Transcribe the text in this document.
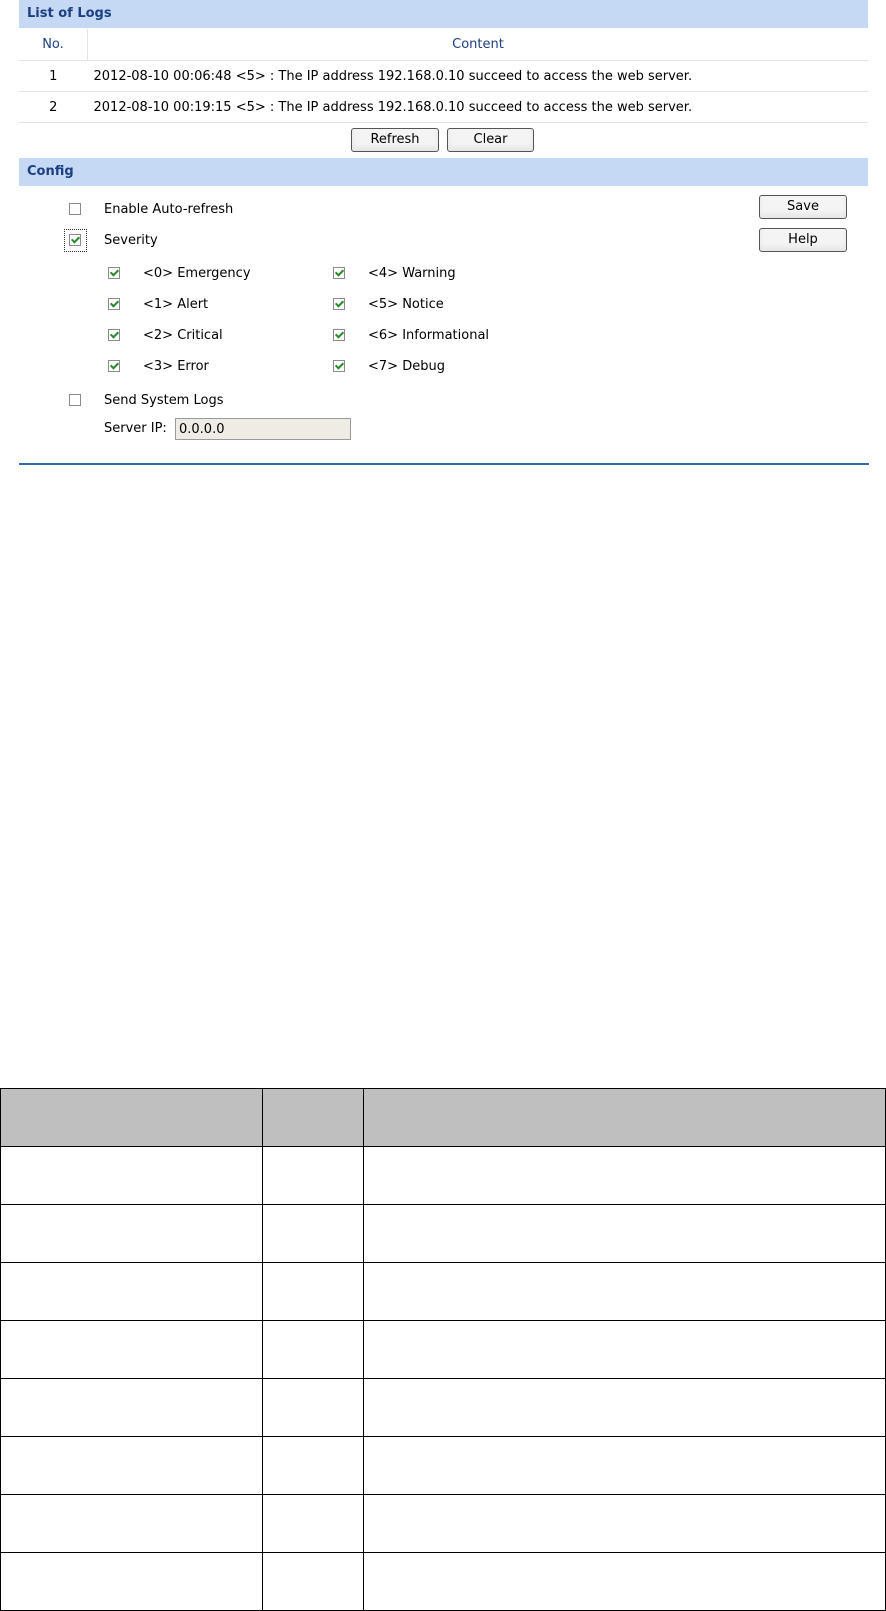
List of Logs
No.	Content
1	2012-08-10 00:06:48 <5> : The IP address 192.168.0.10 succeed to access the web server.
2	2012-08-10 00:19:15 <5> : The IP address 192.168.0.10 succeed to access the web server.
Refresh	Clear
Config
Enable Auto-refresh
Severity
<0> Emergency
<1> Alert
<2> Critical
<3> Error
<4> Warning
<5> Notice
<6> Informational
<7> Debug
Send System Logs
Server IP:
0.0.0.0
Save
Help
